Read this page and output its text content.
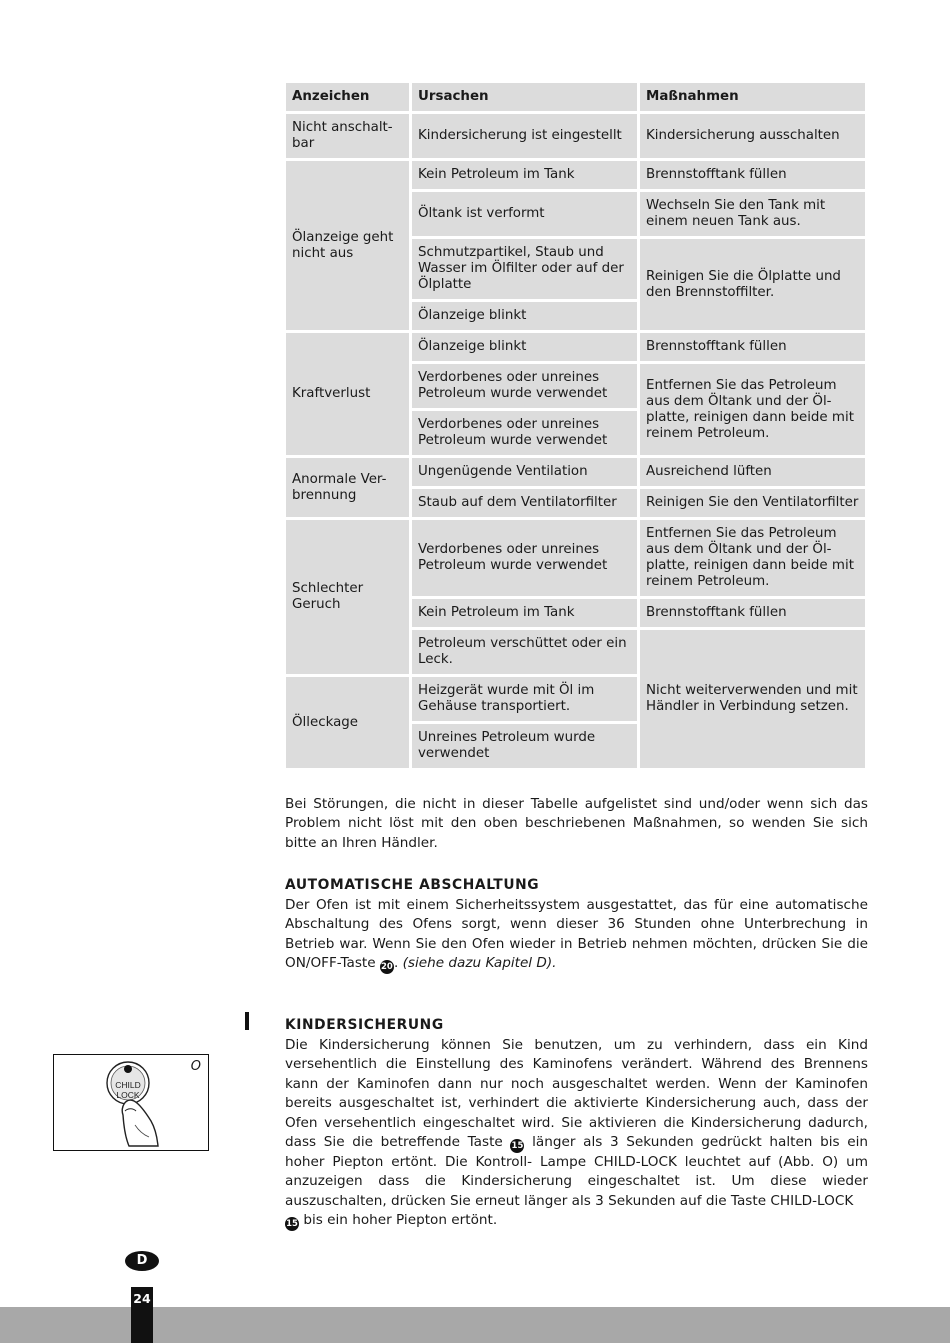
Anzeichen	Ursachen	Maßnahmen
Nicht anschalt-bar	Kindersicherung ist eingestellt	Kindersicherung ausschalten
Ölanzeige geht nicht aus	Kein Petroleum im Tank	Brennstofftank füllen
	Öltank ist verformt	Wechseln Sie den Tank mit einem neuen Tank aus.
	Schmutzpartikel, Staub und Wasser im Ölfilter oder auf der Ölplatte	Reinigen Sie die Ölplatte und den Brennstoffilter.
	Ölanzeige blinkt	
Kraftverlust	Ölanzeige blinkt	Brennstofftank füllen
	Verdorbenes oder unreines Petroleum wurde verwendet	Entfernen Sie das Petroleum aus dem Öltank und der Öl-platte, reinigen dann beide mit reinem Petroleum.
	Verdorbenes oder unreines Petroleum wurde verwendet	
Anormale Ver-brennung	Ungenügende Ventilation	Ausreichend lüften
	Staub auf dem Ventilatorfilter	Reinigen Sie den Ventilatorfilter
Schlechter Geruch	Verdorbenes oder unreines Petroleum wurde verwendet	Entfernen Sie das Petroleum aus dem Öltank und der Öl-platte, reinigen dann beide mit reinem Petroleum.
	Kein Petroleum im Tank	Brennstofftank füllen
	Petroleum verschüttet oder ein Leck.	Nicht weiterverwenden und mit Händler in Verbindung setzen.
Ölleckage	Heizgerät wurde mit Öl im Gehäuse transportiert.	
	Unreines Petroleum wurde verwendet	

Bei Störungen, die nicht in dieser Tabelle aufgelistet sind und/oder wenn sich das Problem nicht löst mit den oben beschriebenen Maßnahmen, so wenden Sie sich bitte an Ihren Händler.

AUTOMATISCHE ABSCHALTUNG

Der Ofen ist mit einem Sicherheitssystem ausgestattet, das für eine automatische Abschaltung des Ofens sorgt, wenn dieser 36 Stunden ohne Unterbrechung in Betrieb war. Wenn Sie den Ofen wieder in Betrieb nehmen möchten, drücken Sie die ON/OFF-Taste 20. (siehe dazu Kapitel D).

KINDERSICHERUNG

Die Kindersicherung können Sie benutzen, um zu verhindern, dass ein Kind versehentlich die Einstellung des Kaminofens verändert. Während des Brennens kann der Kaminofen dann nur noch ausgeschaltet werden. Wenn der Kaminofen bereits ausgeschaltet ist, verhindert die aktivierte Kindersicherung auch, dass der Ofen versehentlich eingeschaltet wird. Sie aktivieren die Kindersicherung dadurch, dass Sie die betreffende Taste 15 länger als 3 Sekunden gedrückt halten bis ein hoher Piepton ertönt. Die Kontroll- Lampe CHILD-LOCK leuchtet auf (Abb. O) um anzuzeigen dass die Kindersicherung eingeschaltet ist. Um diese wieder auszuschalten, drücken Sie erneut länger als 3 Sekunden auf die Taste CHILD-LOCK
15 bis ein hoher Piepton ertönt.

O
CHILD
LOCK
D
24
